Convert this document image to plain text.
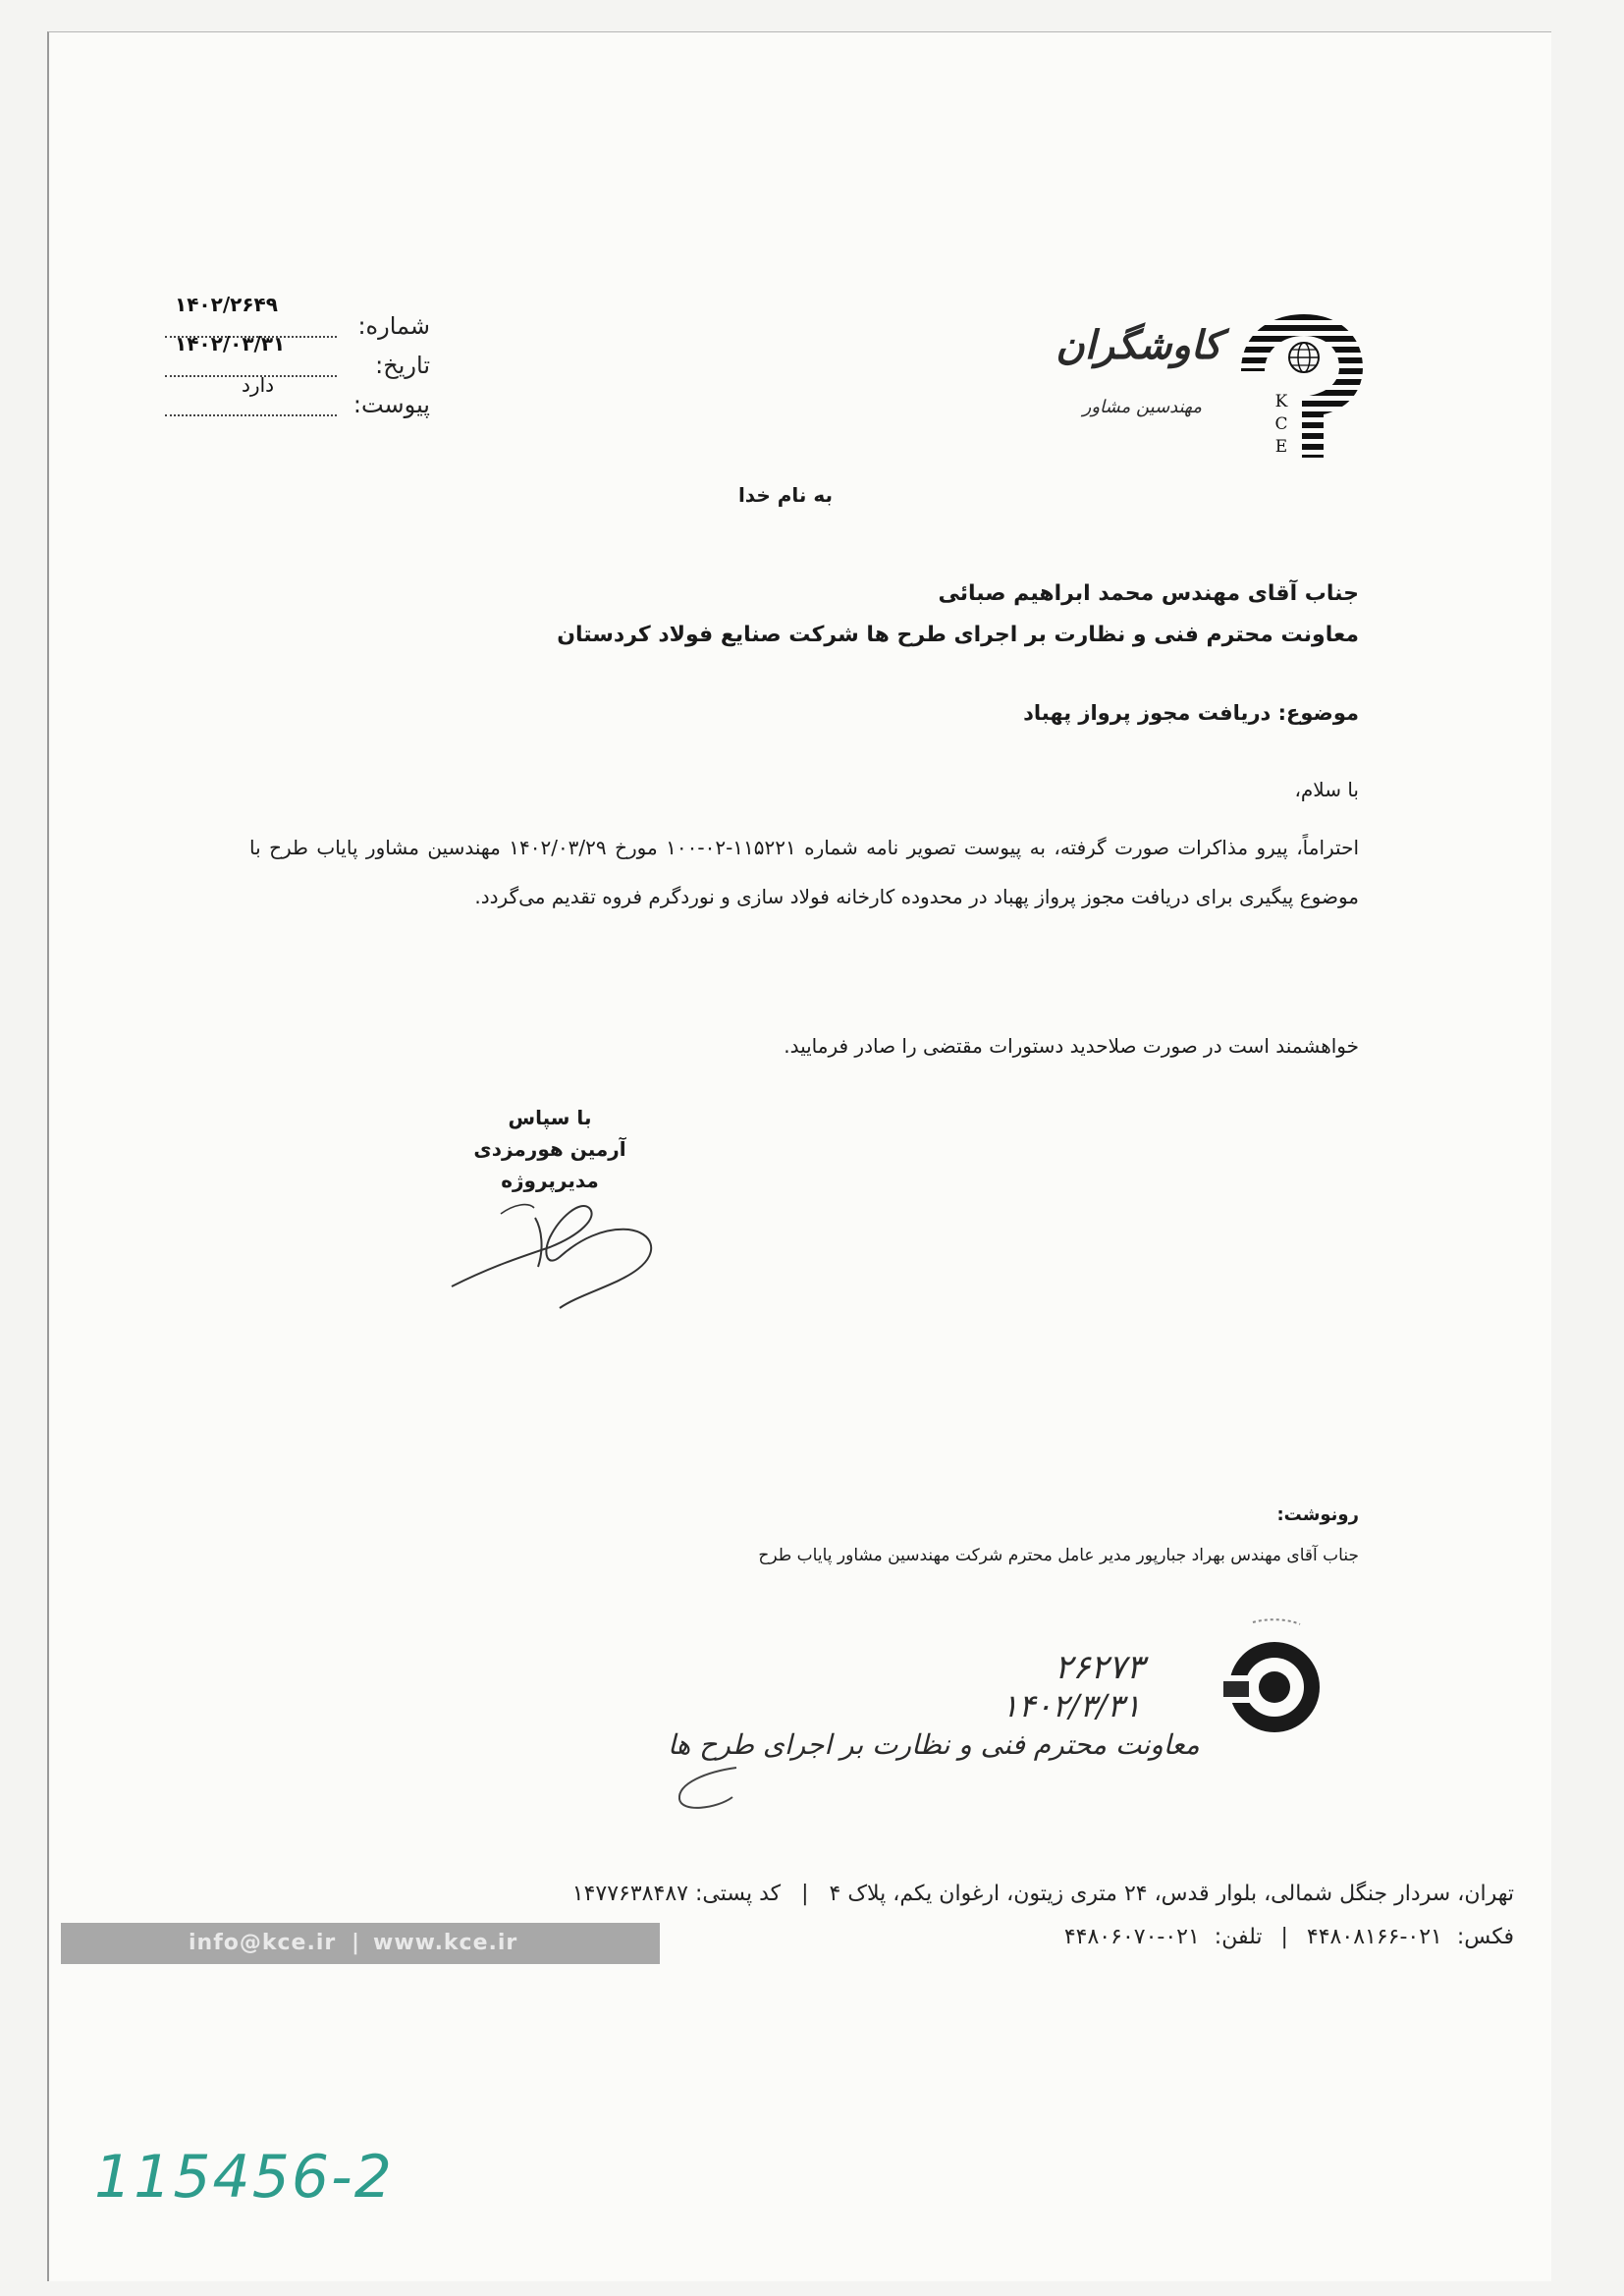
شماره:
۱۴۰۲/۲۶۴۹
تاریخ:
۱۴۰۲/۰۳/۳۱
پیوست:
دارد
K
C
E
کاوشگران
مهندسین مشاور
به نام خدا
جناب آقای مهندس محمد ابراهیم صبائی
معاونت محترم فنی و نظارت بر اجرای طرح ها شرکت صنایع فولاد کردستان
موضوع: دریافت مجوز پرواز پهباد
با سلام،
احتراماً، پیرو مذاکرات صورت گرفته، به پیوست تصویر نامه شماره ۱۱۵۲۲۱-۰۲-۱۰۰ مورخ ۱۴۰۲/۰۳/۲۹ مهندسین مشاور پایاب طرح با موضوع پیگیری برای دریافت مجوز پرواز پهباد در محدوده کارخانه فولاد سازی و نوردگرم فروه تقدیم می‌گردد.
خواهشمند است در صورت صلاحدید دستورات مقتضی را صادر فرمایید.
با سپاس
آرمین هورمزدی
مدیرپروژه
رونوشت:
جناب آقای مهندس بهراد جبارپور مدیر عامل محترم شرکت مهندسین مشاور پایاب طرح
۲۶۲۷۳
۱۴۰۲/۳/۳۱
معاونت محترم فنی و نظارت بر اجرای طرح ها
تهران، سردار جنگل شمالی، بلوار قدس، ۲۴ متری زیتون، ارغوان یکم، پلاک ۴ | کد پستی: ۱۴۷۷۶۳۸۴۸۷
فکس: ۰۲۱-۴۴۸۰۸۱۶۶ | تلفن: ۰۲۱-۴۴۸۰۶۰۷۰
info@kce.ir | www.kce.ir
115456-2
